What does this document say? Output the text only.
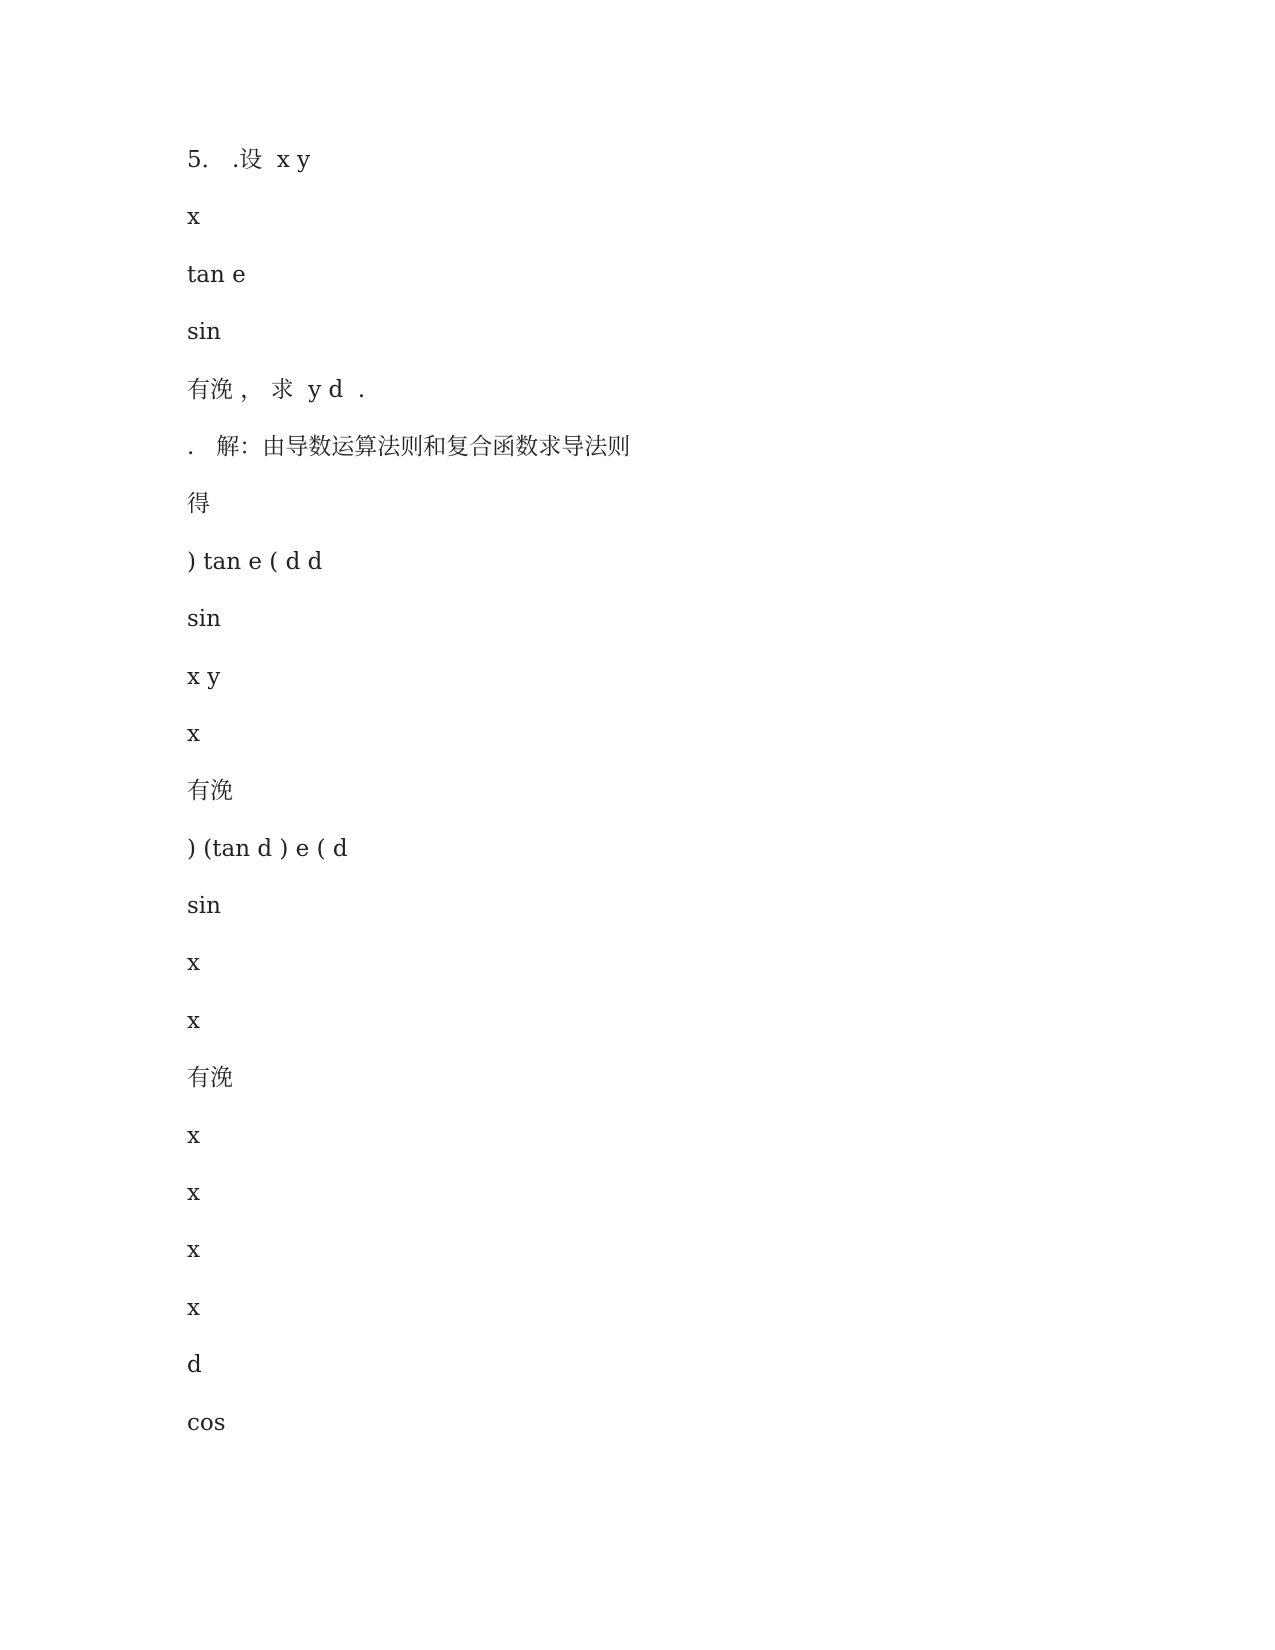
5． .设  x y
x
tan e
sin
有浼 ， 求  y d  .
.   解：由导数运算法则和复合函数求导法则
得
) tan e ( d d
sin
x y
x
有浼
) (tan d ) e ( d
sin
x
x
有浼
x
x
x
x
d
cos
